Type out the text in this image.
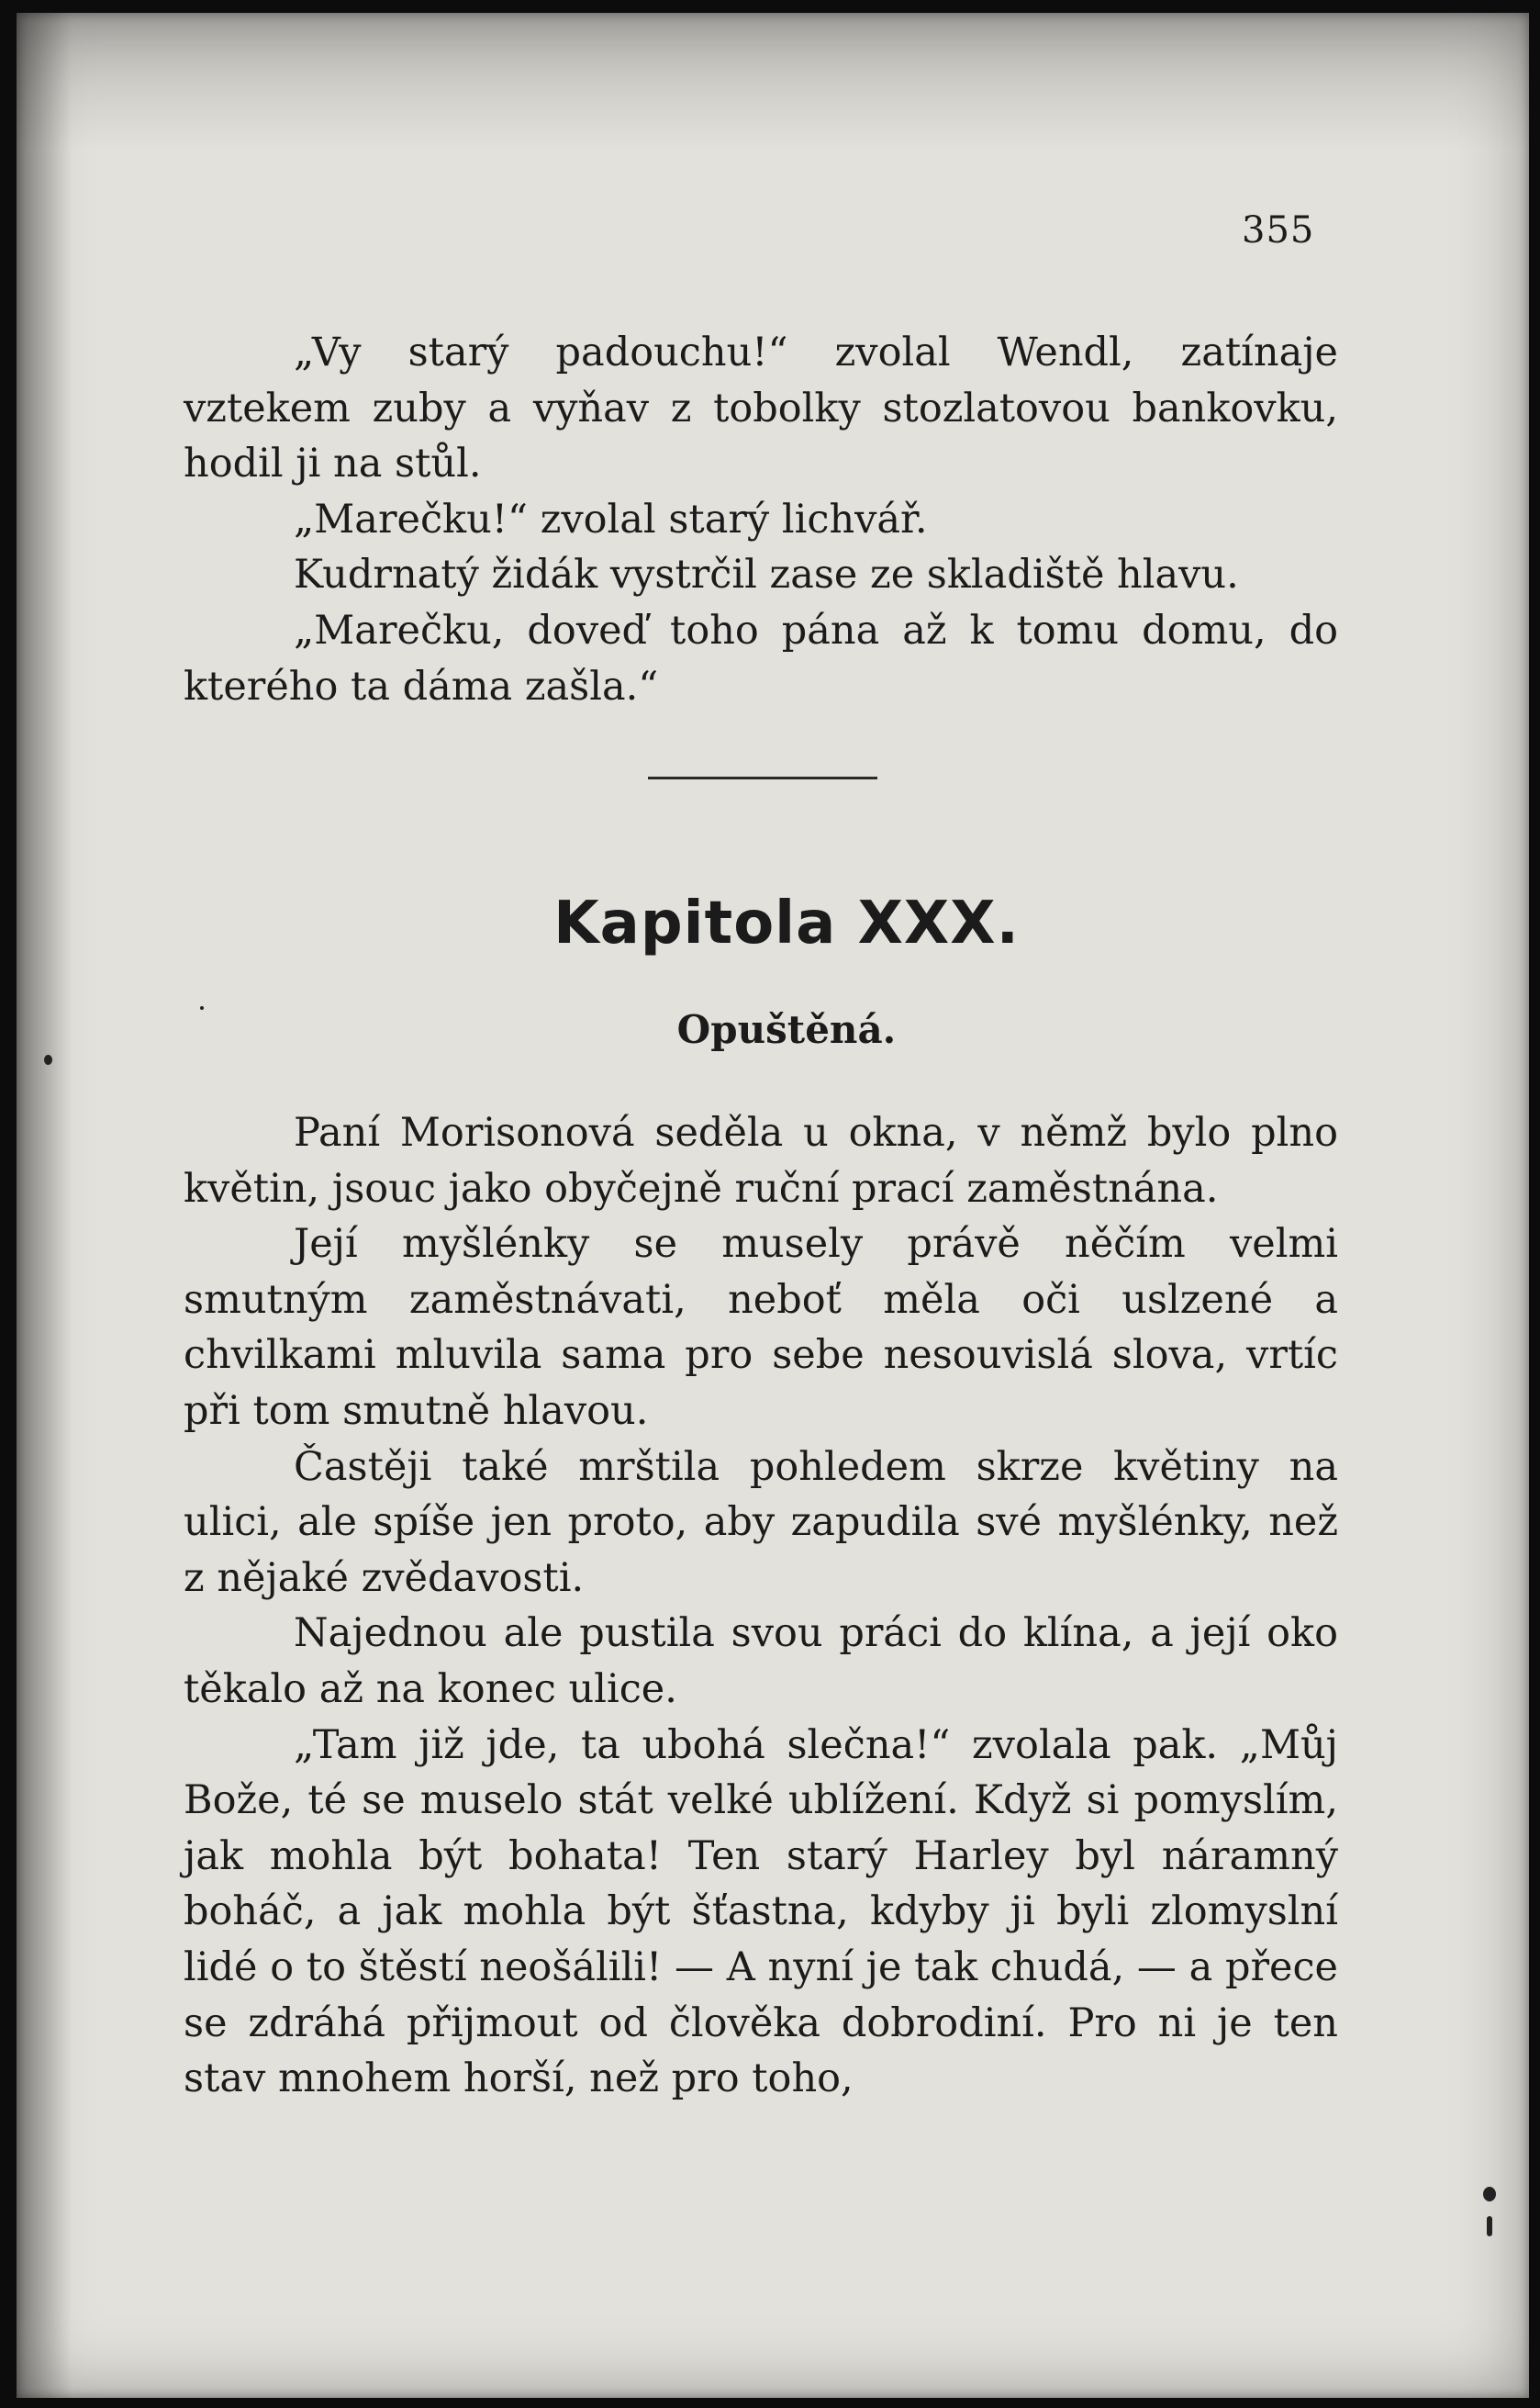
355

„Vy starý padouchu!“ zvolal Wendl, zatínaje vztekem zuby a vyňav z tobolky stozlatovou bankovku, hodil ji na stůl.

„Marečku!“ zvolal starý lichvář.

Kudrnatý židák vystrčil zase ze skladiště hlavu.

„Marečku, doveď toho pána až k tomu domu, do kterého ta dáma zašla.“

Kapitola XXX.
Opuštěná.

Paní Morisonová seděla u okna, v němž bylo plno květin, jsouc jako obyčejně ruční prací zaměstnána.

Její myšlénky se musely právě něčím velmi smutným zaměstnávati, neboť měla oči uslzené a chvilkami mluvila sama pro sebe nesouvislá slova, vrtíc při tom smutně hlavou.

Častěji také mrštila pohledem skrze květiny na ulici, ale spíše jen proto, aby zapudila své myšlénky, než z nějaké zvědavosti.

Najednou ale pustila svou práci do klína, a její oko těkalo až na konec ulice.

„Tam již jde, ta ubohá slečna!“ zvolala pak. „Můj Bože, té se muselo stát velké ublížení. Když si pomyslím, jak mohla být bohata! Ten starý Harley byl náramný boháč, a jak mohla být šťastna, kdyby ji byli zlomyslní lidé o to štěstí neošálili! — A nyní je tak chudá, — a přece se zdráhá přijmout od člověka dobrodiní. Pro ni je ten stav mnohem horší, než pro toho,
